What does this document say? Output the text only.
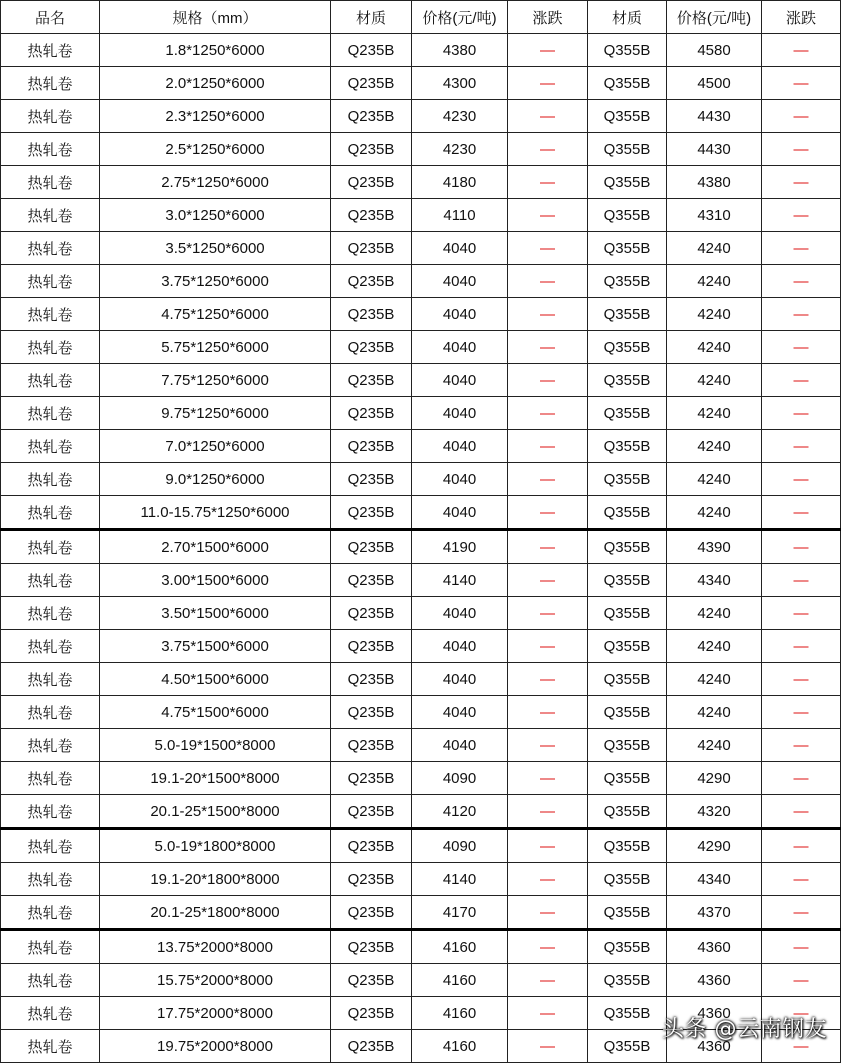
品名	规格（mm）	材质	价格(元/吨)	涨跌	材质	价格(元/吨)	涨跌
热轧卷	1.8*1250*6000	Q235B	4380	—	Q355B	4580	—
热轧卷	2.0*1250*6000	Q235B	4300	—	Q355B	4500	—
热轧卷	2.3*1250*6000	Q235B	4230	—	Q355B	4430	—
热轧卷	2.5*1250*6000	Q235B	4230	—	Q355B	4430	—
热轧卷	2.75*1250*6000	Q235B	4180	—	Q355B	4380	—
热轧卷	3.0*1250*6000	Q235B	4110	—	Q355B	4310	—
热轧卷	3.5*1250*6000	Q235B	4040	—	Q355B	4240	—
热轧卷	3.75*1250*6000	Q235B	4040	—	Q355B	4240	—
热轧卷	4.75*1250*6000	Q235B	4040	—	Q355B	4240	—
热轧卷	5.75*1250*6000	Q235B	4040	—	Q355B	4240	—
热轧卷	7.75*1250*6000	Q235B	4040	—	Q355B	4240	—
热轧卷	9.75*1250*6000	Q235B	4040	—	Q355B	4240	—
热轧卷	7.0*1250*6000	Q235B	4040	—	Q355B	4240	—
热轧卷	9.0*1250*6000	Q235B	4040	—	Q355B	4240	—
热轧卷	11.0-15.75*1250*6000	Q235B	4040	—	Q355B	4240	—
热轧卷	2.70*1500*6000	Q235B	4190	—	Q355B	4390	—
热轧卷	3.00*1500*6000	Q235B	4140	—	Q355B	4340	—
热轧卷	3.50*1500*6000	Q235B	4040	—	Q355B	4240	—
热轧卷	3.75*1500*6000	Q235B	4040	—	Q355B	4240	—
热轧卷	4.50*1500*6000	Q235B	4040	—	Q355B	4240	—
热轧卷	4.75*1500*6000	Q235B	4040	—	Q355B	4240	—
热轧卷	5.0-19*1500*8000	Q235B	4040	—	Q355B	4240	—
热轧卷	19.1-20*1500*8000	Q235B	4090	—	Q355B	4290	—
热轧卷	20.1-25*1500*8000	Q235B	4120	—	Q355B	4320	—
热轧卷	5.0-19*1800*8000	Q235B	4090	—	Q355B	4290	—
热轧卷	19.1-20*1800*8000	Q235B	4140	—	Q355B	4340	—
热轧卷	20.1-25*1800*8000	Q235B	4170	—	Q355B	4370	—
热轧卷	13.75*2000*8000	Q235B	4160	—	Q355B	4360	—
热轧卷	15.75*2000*8000	Q235B	4160	—	Q355B	4360	—
热轧卷	17.75*2000*8000	Q235B	4160	—	Q355B	4360	—
热轧卷	19.75*2000*8000	Q235B	4160	—	Q355B	4360	—
头条 @云南钢友
